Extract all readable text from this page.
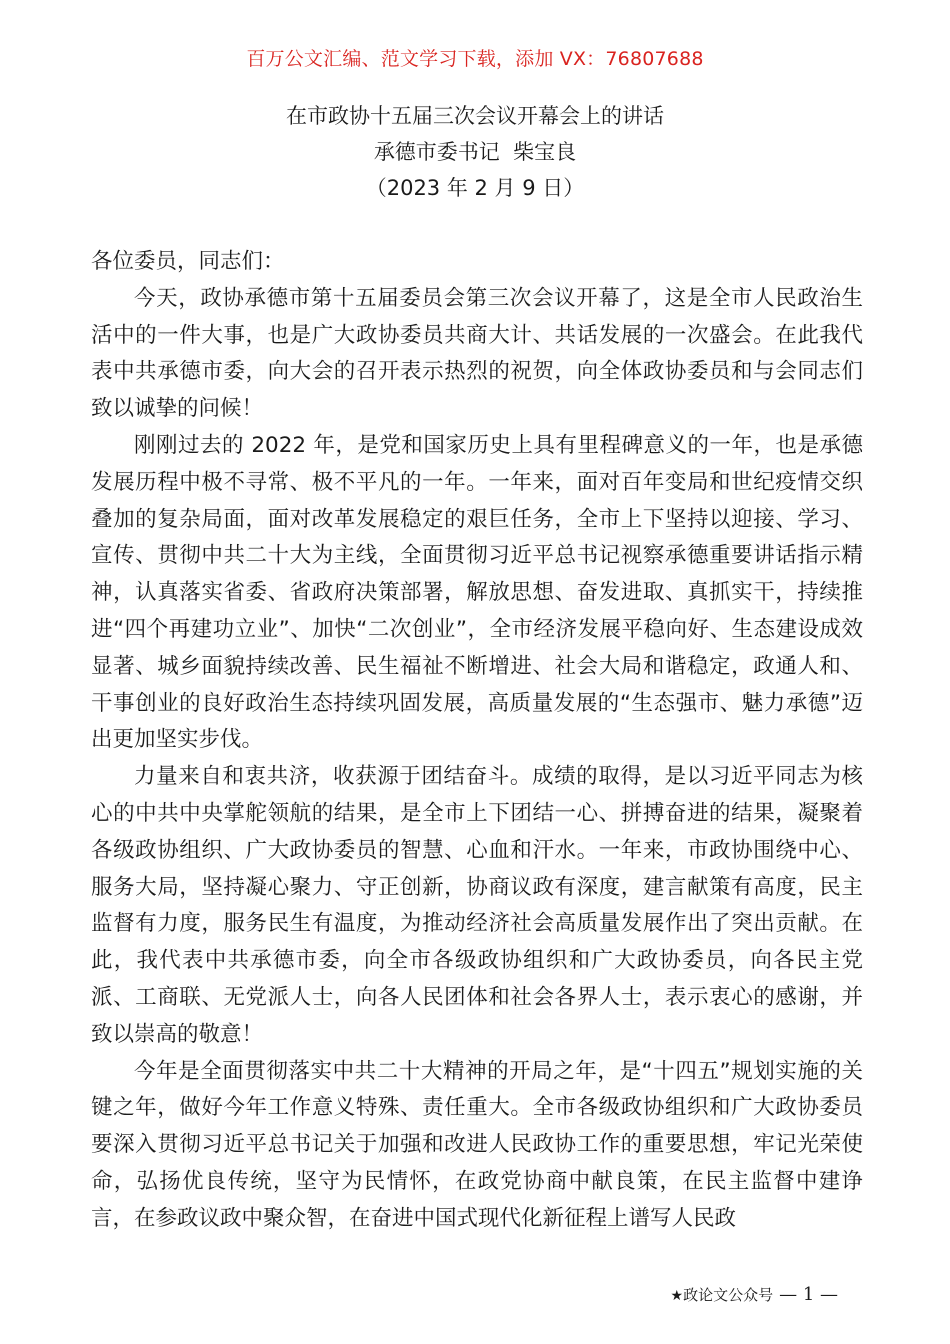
百万公文汇编、范文学习下载，添加 VX：76807688
在市政协十五届三次会议开幕会上的讲话
承德市委书记  柴宝良
（2023 年 2 月 9 日）

各位委员，同志们：

今天，政协承德市第十五届委员会第三次会议开幕了，这是全市人民政治生活中的一件大事，也是广大政协委员共商大计、共话发展的一次盛会。在此我代表中共承德市委，向大会的召开表示热烈的祝贺，向全体政协委员和与会同志们致以诚挚的问候！

刚刚过去的 2022 年，是党和国家历史上具有里程碑意义的一年，也是承德发展历程中极不寻常、极不平凡的一年。一年来，面对百年变局和世纪疫情交织叠加的复杂局面，面对改革发展稳定的艰巨任务，全市上下坚持以迎接、学习、宣传、贯彻中共二十大为主线，全面贯彻习近平总书记视察承德重要讲话指示精神，认真落实省委、省政府决策部署，解放思想、奋发进取、真抓实干，持续推进“四个再建功立业”、加快“二次创业”，全市经济发展平稳向好、生态建设成效显著、城乡面貌持续改善、民生福祉不断增进、社会大局和谐稳定，政通人和、干事创业的良好政治生态持续巩固发展，高质量发展的“生态强市、魅力承德”迈出更加坚实步伐。

力量来自和衷共济，收获源于团结奋斗。成绩的取得，是以习近平同志为核心的中共中央掌舵领航的结果，是全市上下团结一心、拼搏奋进的结果，凝聚着各级政协组织、广大政协委员的智慧、心血和汗水。一年来，市政协围绕中心、服务大局，坚持凝心聚力、守正创新，协商议政有深度，建言献策有高度，民主监督有力度，服务民生有温度，为推动经济社会高质量发展作出了突出贡献。在此，我代表中共承德市委，向全市各级政协组织和广大政协委员，向各民主党派、工商联、无党派人士，向各人民团体和社会各界人士，表示衷心的感谢，并致以崇高的敬意！

今年是全面贯彻落实中共二十大精神的开局之年，是“十四五”规划实施的关键之年，做好今年工作意义特殊、责任重大。全市各级政协组织和广大政协委员要深入贯彻习近平总书记关于加强和改进人民政协工作的重要思想，牢记光荣使命，弘扬优良传统，坚守为民情怀，在政党协商中献良策，在民主监督中建诤言，在参政议政中聚众智，在奋进中国式现代化新征程上谱写人民政

★政论文公众号 — 1 —
